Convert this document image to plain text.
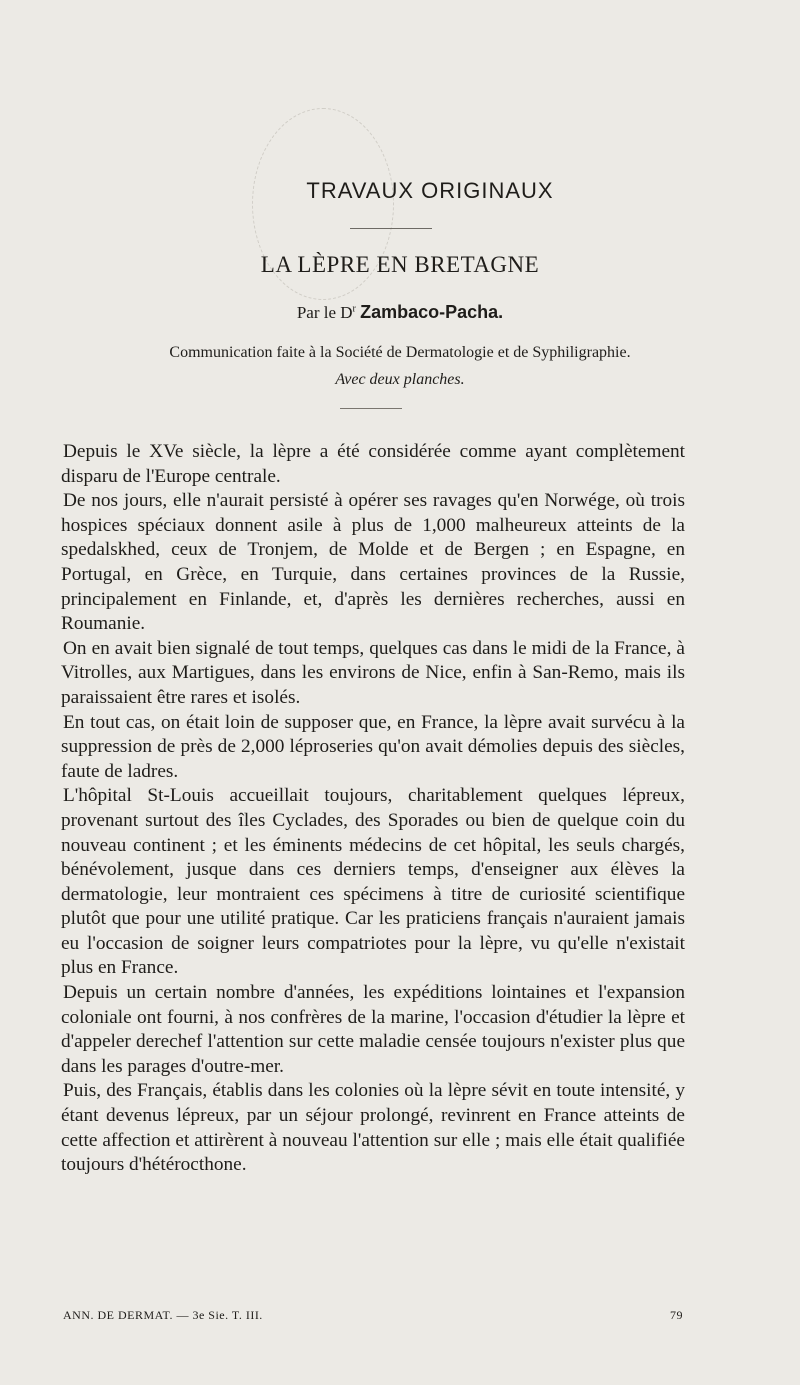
TRAVAUX ORIGINAUX
LA LÈPRE EN BRETAGNE
Par le $D^r$ Zambaco-Pacha.
Communication faite à la Société de Dermatologie et de Syphiligraphie.
Avec deux planches.

Depuis le XVe siècle, la lèpre a été considérée comme ayant complètement disparu de l'Europe centrale.

De nos jours, elle n'aurait persisté à opérer ses ravages qu'en Norwége, où trois hospices spéciaux donnent asile à plus de 1,000 malheureux atteints de la spedalskhed, ceux de Tronjem, de Molde et de Bergen ; en Espagne, en Portugal, en Grèce, en Turquie, dans certaines provinces de la Russie, principalement en Finlande, et, d'après les dernières recherches, aussi en Roumanie.

On en avait bien signalé de tout temps, quelques cas dans le midi de la France, à Vitrolles, aux Martigues, dans les environs de Nice, enfin à San-Remo, mais ils paraissaient être rares et isolés.

En tout cas, on était loin de supposer que, en France, la lèpre avait survécu à la suppression de près de 2,000 léproseries qu'on avait démolies depuis des siècles, faute de ladres.

L'hôpital St-Louis accueillait toujours, charitablement quelques lépreux, provenant surtout des îles Cyclades, des Sporades ou bien de quelque coin du nouveau continent ; et les éminents médecins de cet hôpital, les seuls chargés, bénévolement, jusque dans ces derniers temps, d'enseigner aux élèves la dermatologie, leur montraient ces spécimens à titre de curiosité scientifique plutôt que pour une utilité pratique. Car les praticiens français n'auraient jamais eu l'occasion de soigner leurs compatriotes pour la lèpre, vu qu'elle n'existait plus en France.

Depuis un certain nombre d'années, les expéditions lointaines et l'expansion coloniale ont fourni, à nos confrères de la marine, l'occasion d'étudier la lèpre et d'appeler derechef l'attention sur cette maladie censée toujours n'exister plus que dans les parages d'outre-mer.

Puis, des Français, établis dans les colonies où la lèpre sévit en toute intensité, y étant devenus lépreux, par un séjour prolongé, revinrent en France atteints de cette affection et attirèrent à nouveau l'attention sur elle ; mais elle était qualifiée toujours d'hétérocthone.

ANN. DE DERMAT. — 3e Sie. T. III.	79
